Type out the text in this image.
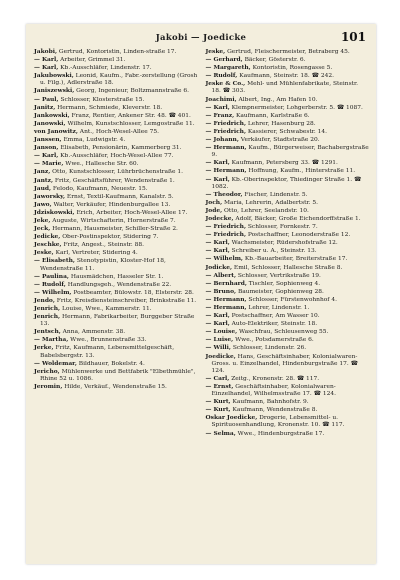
Jakobi — Joedicke	101
Jakobi, Gertrud, Kontoristin, Linden-straße 17.
— Karl, Arbeiter, Grimmel 31.
— Karl, Kb.-Ausschläfer, Lindenstr. 17.
Jakubowski, Leonid, Kaufm., Fabr.-zerstellung (Grosh u. Filg.), Adlerstraße 18.
Janiszewski, Georg, Ingenieur, Boltzmannstraße 6.
— Paul, Schlosser, Klosterstraße 15.
Janitz, Hermann, Schmiede, Kleverstr. 18.
Jankowski, Franz, Rentier, Ankener Str. 48. ☎ 401.
Janowski, Wilhelm, Kunstschlosser, Lemgostraße 11.
von Janowitz, Ant., Hoch-Wesel-Allee 75.
Janssen, Emma, Ludwigstr. 4.
Janson, Elisabeth, Pensionärin, Kammerberg 31.
— Karl, Kb.-Ausschläfer, Hoch-Wesel-Allee 77.
— Marie, Wwe., Hallesche Str. 60.
Janz, Otto, Kunstschlosser, Lührbrüchenstraße 1.
Jantz, Fritz, Geschäftsführer, Wendenstraße 1.
Jaud, Felodo, Kaufmann, Neuestr. 15.
Jaworsky, Ernst, Textil-Kaufmann, Kanalstr. 5.
Jawo, Walter, Verkäufer, Hindenburgallee 13.
Jdziskowski, Erich, Arbeiter, Hoch-Wesel-Allee 17.
Jeke, Auguste, Wirtschafterin, Hornerstraße 7.
Jeck, Hermann, Hausmeister, Schiller-Straße 2.
Jedicke, Ober-Postinspektor, Stidering 7.
Jeschke, Fritz, Angest., Steinstr. 88.
Jeske, Karl, Vertreter, Stidering 4.
— Elisabeth, Stenotypistin, Kloster-Hof 18, Wendenstraße 11.
— Paulina, Hausmädchen, Hasseler Str. 1.
— Rudolf, Handlungsgeh., Wendenstraße 22.
— Wilhelm, Postbeamter, Bülowstr. 18, Elsterstr. 28.
Jendo, Fritz, Kreisdiensteinschreiber, Brinkstraße 11.
Jenrich, Louise, Wwe., Kammerstr. 11.
Jenrich, Hermann, Fabrikarbeiter, Burggeber Straße 13.
Jentsch, Anna, Ammenstr. 38.
— Martha, Wwe., Brunnenstraße 33.
Jerke, Fritz, Kaufmann, Lebensmittelgeschäft, Babelsbergstr. 13.
— Woldemar, Bildhauer, Bokelstr. 4.
Jericho, Mühlenwerke und Bettfabrik "Elbethmühle", Rhine 52 u. 1086.
Jeromin, Hilde, Verkäuf., Wendenstraße 15.
Jeske, Gertrud, Fleischermeister, Betraberg 45.
— Gerhard, Bäcker, Gösterstr. 6.
— Margareth, Kontoristin, Rosengasse 5.
— Rudolf, Kaufmann, Steinstr. 18. ☎ 242.
Jeske & Co., Mehl- und Mühlenfabrikate, Steinstr. 18. ☎ 303.
Joachimi, Albert, Ing., Am Hafen 10.
— Karl, Klempnermeister, Lohgerberstr. 5. ☎ 1087.
— Franz, Kaufmann, Karlstraße 6.
— Friedrich, Lehrer, Hasenburg 28.
— Friedrich, Kassierer, Schwabestr. 14.
— Johann, Verkäufer, Stadtstraße 20.
— Hermann, Kaufm., Bürgerweiser, Bachabergstraße 9.
— Karl, Kaufmann, Petersberg 33. ☎ 1291.
— Hermann, Hoffnung, Kaufm., Hinterstraße 11.
— Karl, Kb.-Oberinspektor, Thiedinger Straße 1. ☎ 1082.
— Theodor, Fischer, Lindenstr. 5.
Joch, Maria, Lehrerin, Adalbertstr. 5.
Jode, Otto, Lehrer, Seelandstr. 10.
Jodecke, Adolf, Bäcker, Große Eichendorffstraße 1.
— Friedrich, Schlosser, Fornkestr. 7.
— Friedrich, Postschaffner, Leonoderstraße 12.
— Karl, Wachsmeister, Rüdershofstraße 12.
— Karl, Schreiber u. A., Steinstr. 13.
— Wilhelm, Kb.-Bauarbeiter, Breiterstraße 17.
Jodicke, Emil, Schlosser, Hallesche Straße 8.
— Albert, Schlosser, Vertrikstraße 19.
— Bernhard, Tischler, Sophienweg 4.
— Bruno, Baumeister, Gophienweg 28.
— Hermann, Schlosser, Fürstenwohnhof 4.
— Hermann, Lehrer, Lindenstr. 1.
— Karl, Postschaffner, Am Wasser 10.
— Karl, Auto-Elektriker, Steinstr. 18.
— Louise, Waschfrau, Schleusenweg 55.
— Luise, Wwe., Potsdamerstraße 6.
— Willi, Schlosser, Lindenstr. 26.
Joedicke, Hans, Geschäftsinhaber, Kolonialwaren-Gross. u. Einzelhandel, Hindenburgstraße 17. ☎ 124.
— Carl, Zeitg., Kronenstr. 28. ☎ 117.
— Ernst, Geschäftsinhaber, Kolonialwaren-Einzelhandel, Wilhelmsstraße 17. ☎ 124.
— Kurt, Kaufmann, Bahnhofstr. 9.
— Kurt, Kaufmann, Wendenstraße 8.
Oskar Joedicke, Drogerie, Lebensmittel- u. Spirituosenhandlung, Kronenstr. 10. ☎ 117.
— Selma, Wwe., Hindenburgstraße 17.
